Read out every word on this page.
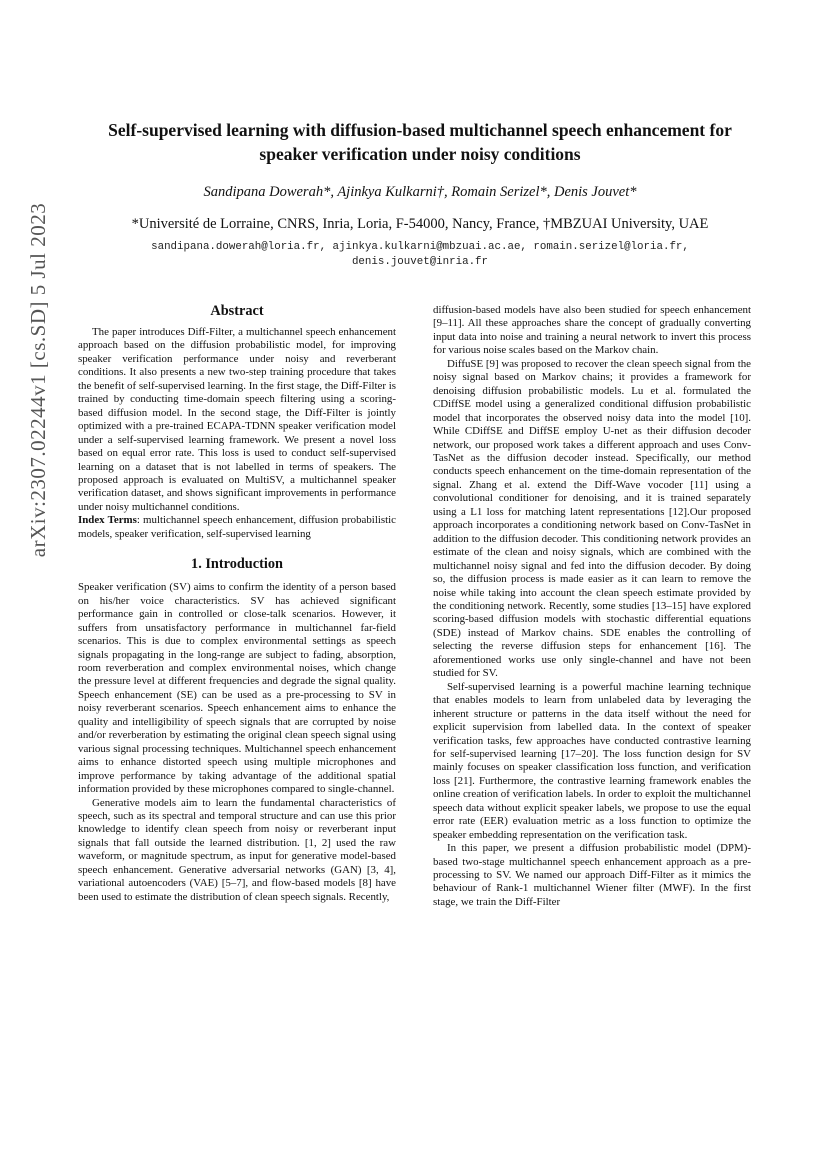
arXiv:2307.02244v1 [cs.SD] 5 Jul 2023
Self-supervised learning with diffusion-based multichannel speech enhancement for speaker verification under noisy conditions
Sandipana Dowerah*, Ajinkya Kulkarni†, Romain Serizel*, Denis Jouvet*
*Université de Lorraine, CNRS, Inria, Loria, F-54000, Nancy, France, †MBZUAI University, UAE
sandipana.dowerah@loria.fr, ajinkya.kulkarni@mbzuai.ac.ae, romain.serizel@loria.fr, denis.jouvet@inria.fr
Abstract

The paper introduces Diff-Filter, a multichannel speech enhancement approach based on the diffusion probabilistic model, for improving speaker verification performance under noisy and reverberant conditions. It also presents a new two-step training procedure that takes the benefit of self-supervised learning. In the first stage, the Diff-Filter is trained by conducting time-domain speech filtering using a scoring-based diffusion model. In the second stage, the Diff-Filter is jointly optimized with a pre-trained ECAPA-TDNN speaker verification model under a self-supervised learning framework. We present a novel loss based on equal error rate. This loss is used to conduct self-supervised learning on a dataset that is not labelled in terms of speakers. The proposed approach is evaluated on MultiSV, a multichannel speaker verification dataset, and shows significant improvements in performance under noisy multichannel conditions.

Index Terms: multichannel speech enhancement, diffusion probabilistic models, speaker verification, self-supervised learning

1. Introduction

Speaker verification (SV) aims to confirm the identity of a person based on his/her voice characteristics. SV has achieved significant performance gain in controlled or close-talk scenarios. However, it suffers from unsatisfactory performance in multichannel far-field scenarios. This is due to complex environmental settings as speech signals propagating in the long-range are subject to fading, absorption, room reverberation and complex environmental noises, which change the pressure level at different frequencies and degrade the signal quality. Speech enhancement (SE) can be used as a pre-processing to SV in noisy reverberant scenarios. Speech enhancement aims to enhance the quality and intelligibility of speech signals that are corrupted by noise and/or reverberation by estimating the original clean speech signal using various signal processing techniques. Multichannel speech enhancement aims to enhance distorted speech using multiple microphones and improve performance by taking advantage of the additional spatial information provided by these microphones compared to single-channel.

Generative models aim to learn the fundamental characteristics of speech, such as its spectral and temporal structure and can use this prior knowledge to identify clean speech from noisy or reverberant input signals that fall outside the learned distribution. [1, 2] used the raw waveform, or magnitude spectrum, as input for generative model-based speech enhancement. Generative adversarial networks (GAN) [3, 4], variational autoencoders (VAE) [5–7], and flow-based models [8] have been used to estimate the distribution of clean speech signals. Recently,

diffusion-based models have also been studied for speech enhancement [9–11]. All these approaches share the concept of gradually converting input data into noise and training a neural network to invert this process for various noise scales based on the Markov chain.

DiffuSE [9] was proposed to recover the clean speech signal from the noisy signal based on Markov chains; it provides a framework for denoising diffusion probabilistic models. Lu et al. formulated the CDiffSE model using a generalized conditional diffusion probabilistic model that incorporates the observed noisy data into the model [10]. While CDiffSE and DiffSE employ U-net as their diffusion decoder network, our proposed work takes a different approach and uses Conv-TasNet as the diffusion decoder instead. Specifically, our method conducts speech enhancement on the time-domain representation of the signal. Zhang et al. extend the Diff-Wave vocoder [11] using a convolutional conditioner for denoising, and it is trained separately using a L1 loss for matching latent representations [12].Our proposed approach incorporates a conditioning network based on Conv-TasNet in addition to the diffusion decoder. This conditioning network provides an estimate of the clean and noisy signals, which are combined with the multichannel noisy signal and fed into the diffusion decoder. By doing so, the diffusion process is made easier as it can learn to remove the noise while taking into account the clean speech estimate provided by the conditioning network. Recently, some studies [13–15] have explored scoring-based diffusion models with stochastic differential equations (SDE) instead of Markov chains. SDE enables the controlling of selecting the reverse diffusion steps for enhancement [16]. The aforementioned works use only single-channel and have not been studied for SV.

Self-supervised learning is a powerful machine learning technique that enables models to learn from unlabeled data by leveraging the inherent structure or patterns in the data itself without the need for explicit supervision from labelled data. In the context of speaker verification tasks, few approaches have conducted contrastive learning for self-supervised learning [17–20]. The loss function design for SV mainly focuses on speaker classification loss function, and verification loss [21]. Furthermore, the contrastive learning framework enables the online creation of verification labels. In order to exploit the multichannel speech data without explicit speaker labels, we propose to use the equal error rate (EER) evaluation metric as a loss function to optimize the speaker embedding representation on the verification task.

In this paper, we present a diffusion probabilistic model (DPM)-based two-stage multichannel speech enhancement approach as a pre-processing to SV. We named our approach Diff-Filter as it mimics the behaviour of Rank-1 multichannel Wiener filter (MWF). In the first stage, we train the Diff-Filter
